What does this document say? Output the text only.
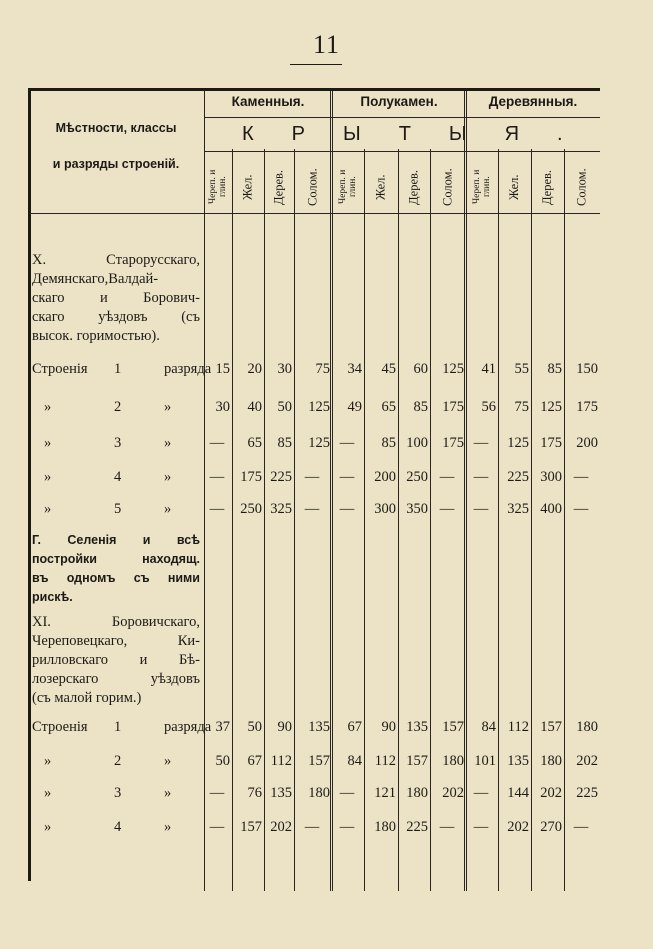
11
Мѣстности, классы
и разряды строеній.
Каменныя.	Полукамен.	Деревянныя.
КРЫТЫЯ.
Череп. и глин.	Жел.	Дерев.	Солом.	Череп. и глин.	Жел.	Дерев.	Солом.	Череп. и глин.	Жел.	Дерев.	Солом.
X. Старорусскаго,
Демянскаго,Валдай-
скаго и Борович-
скаго уѣздовъ (съ
высок. горимостью).
Строенія 1	разряда 15	20	30	75	34	45	60 125	41	55	85 150
»	2	»	30	40	50	125	49	65	85 175	56	75 125 175
»	3	»	—	65	85	125 —	85 100 175 —	125 175 200
»	4	»	—	175 225 —	—	200 250 —	—	225 300 —
»	5	»	—	250 325 —	—	300 350 —	—	325 400 —
Г. Селенія и всѣ
постройки находящ.
въ одномъ съ ними
рискѣ.
XI. Боровичскаго,
Череповецкаго, Ки-
рилловскаго и Бѣ-
лозерскаго уѣздовъ
(съ малой горим.)
Строенія 1	разряда 37	50	90	135	67	90 135 157	84 112 157 180
»	2	»	50	67 112	157	84 112 157 180 101 135 180 202
»	3	»	—	76 135	180 —	121 180 202 —	144 202 225
»	4	»	—	157 202 —	—	180 225 —	—	202 270 —
